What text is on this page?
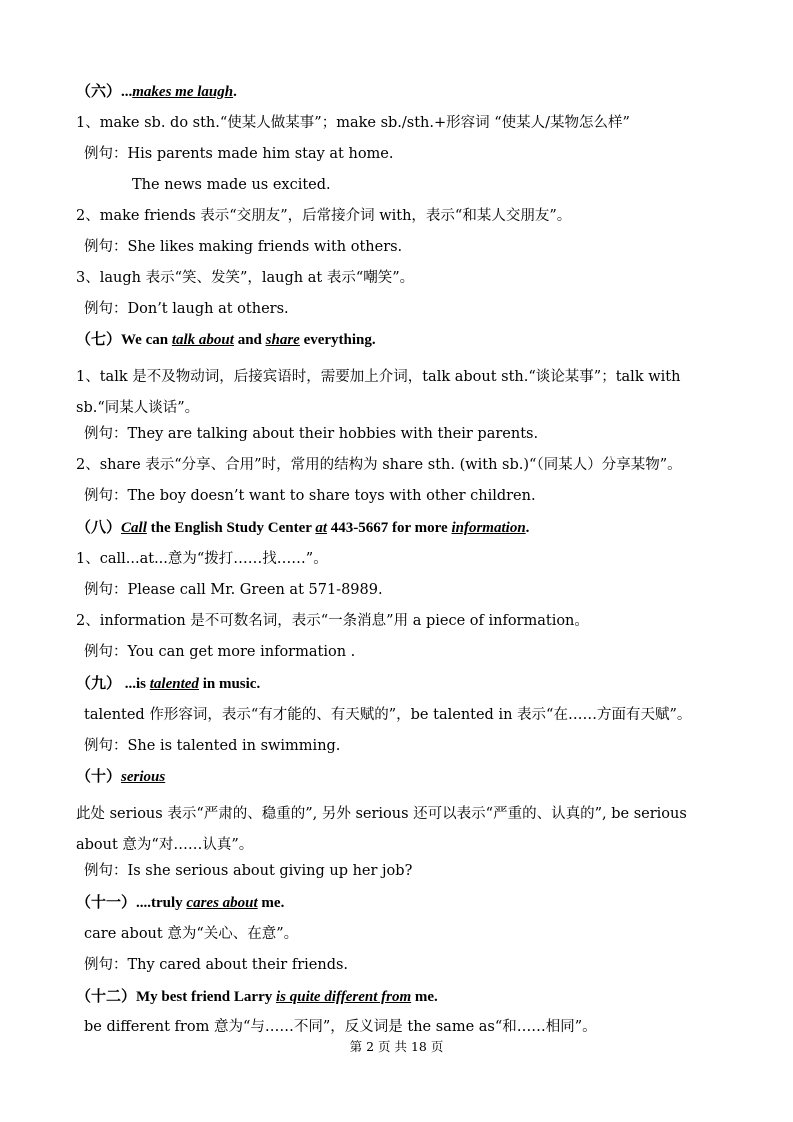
（六）...makes me laugh.
1、make sb. do sth.“使某人做某事”；make sb./sth.+形容词 “使某人/某物怎么样”
例句：His parents made him stay at home.
The news made us excited.
2、make friends 表示“交朋友”，后常接介词 with，表示“和某人交朋友”。
例句：She likes making friends with others.
3、laugh 表示“笑、发笑”，laugh at 表示“嘲笑”。
例句：Don’t laugh at others.
（七）We can talk about and share everything.
1、talk 是不及物动词，后接宾语时，需要加上介词，talk about sth.“谈论某事”；talk with sb.“同某人谈话”。
例句：They are talking about their hobbies with their parents.
2、share 表示“分享、合用”时，常用的结构为 share sth. (with sb.)“（同某人）分享某物”。
例句：The boy doesn’t want to share toys with other children.
（八）Call the English Study Center at 443-5667 for more information.
1、call...at...意为“拨打……找……”。
例句：Please call Mr. Green at 571-8989.
2、information 是不可数名词，表示“一条消息”用 a piece of information。
例句：You can get more information .
（九） ...is talented in music.
talented 作形容词，表示“有才能的、有天赋的”，be talented in 表示“在……方面有天赋”。
例句：She is talented in swimming.
（十）serious
此处 serious 表示“严肃的、稳重的”, 另外 serious 还可以表示“严重的、认真的”, be serious about 意为“对……认真”。
例句：Is she serious about giving up her job?
（十一）....truly cares about me.
care about 意为“关心、在意”。
例句：Thy cared about their friends.
（十二）My best friend Larry is quite different from me.
be different from 意为“与……不同”，反义词是 the same as“和……相同”。
第 2 页 共 18 页
